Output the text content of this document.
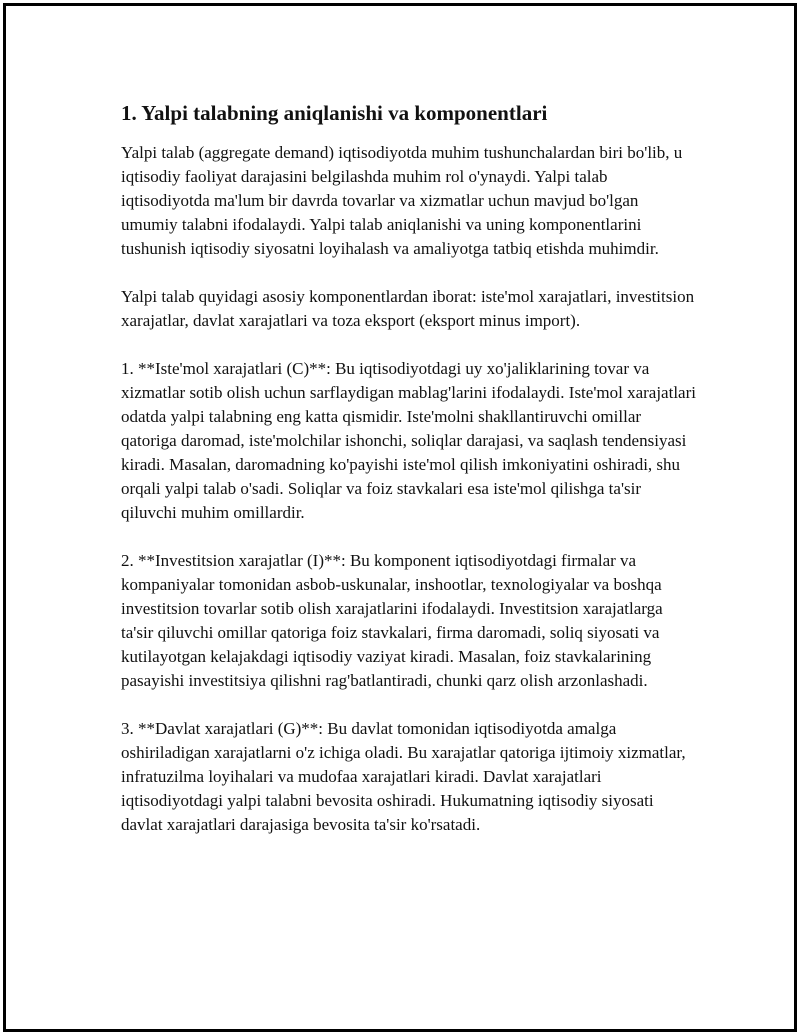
1. Yalpi talabning aniqlanishi va komponentlari

Yalpi talab (aggregate demand) iqtisodiyotda muhim tushunchalardan biri bo'lib, u iqtisodiy faoliyat darajasini belgilashda muhim rol o'ynaydi. Yalpi talab iqtisodiyotda ma'lum bir davrda tovarlar va xizmatlar uchun mavjud bo'lgan umumiy talabni ifodalaydi. Yalpi talab aniqlanishi va uning komponentlarini tushunish iqtisodiy siyosatni loyihalash va amaliyotga tatbiq etishda muhimdir.

Yalpi talab quyidagi asosiy komponentlardan iborat: iste'mol xarajatlari, investitsion xarajatlar, davlat xarajatlari va toza eksport (eksport minus import).

1. **Iste'mol xarajatlari (C)**: Bu iqtisodiyotdagi uy xo'jaliklarining tovar va xizmatlar sotib olish uchun sarflaydigan mablag'larini ifodalaydi. Iste'mol xarajatlari odatda yalpi talabning eng katta qismidir. Iste'molni shakllantiruvchi omillar qatoriga daromad, iste'molchilar ishonchi, soliqlar darajasi, va saqlash tendensiyasi kiradi. Masalan, daromadning ko'payishi iste'mol qilish imkoniyatini oshiradi, shu orqali yalpi talab o'sadi. Soliqlar va foiz stavkalari esa iste'mol qilishga ta'sir qiluvchi muhim omillardir.

2. **Investitsion xarajatlar (I)**: Bu komponent iqtisodiyotdagi firmalar va kompaniyalar tomonidan asbob-uskunalar, inshootlar, texnologiyalar va boshqa investitsion tovarlar sotib olish xarajatlarini ifodalaydi. Investitsion xarajatlarga ta'sir qiluvchi omillar qatoriga foiz stavkalari, firma daromadi, soliq siyosati va kutilayotgan kelajakdagi iqtisodiy vaziyat kiradi. Masalan, foiz stavkalarining pasayishi investitsiya qilishni rag'batlantiradi, chunki qarz olish arzonlashadi.

3. **Davlat xarajatlari (G)**: Bu davlat tomonidan iqtisodiyotda amalga oshiriladigan xarajatlarni o'z ichiga oladi. Bu xarajatlar qatoriga ijtimoiy xizmatlar, infratuzilma loyihalari va mudofaa xarajatlari kiradi. Davlat xarajatlari iqtisodiyotdagi yalpi talabni bevosita oshiradi. Hukumatning iqtisodiy siyosati davlat xarajatlari darajasiga bevosita ta'sir ko'rsatadi.
